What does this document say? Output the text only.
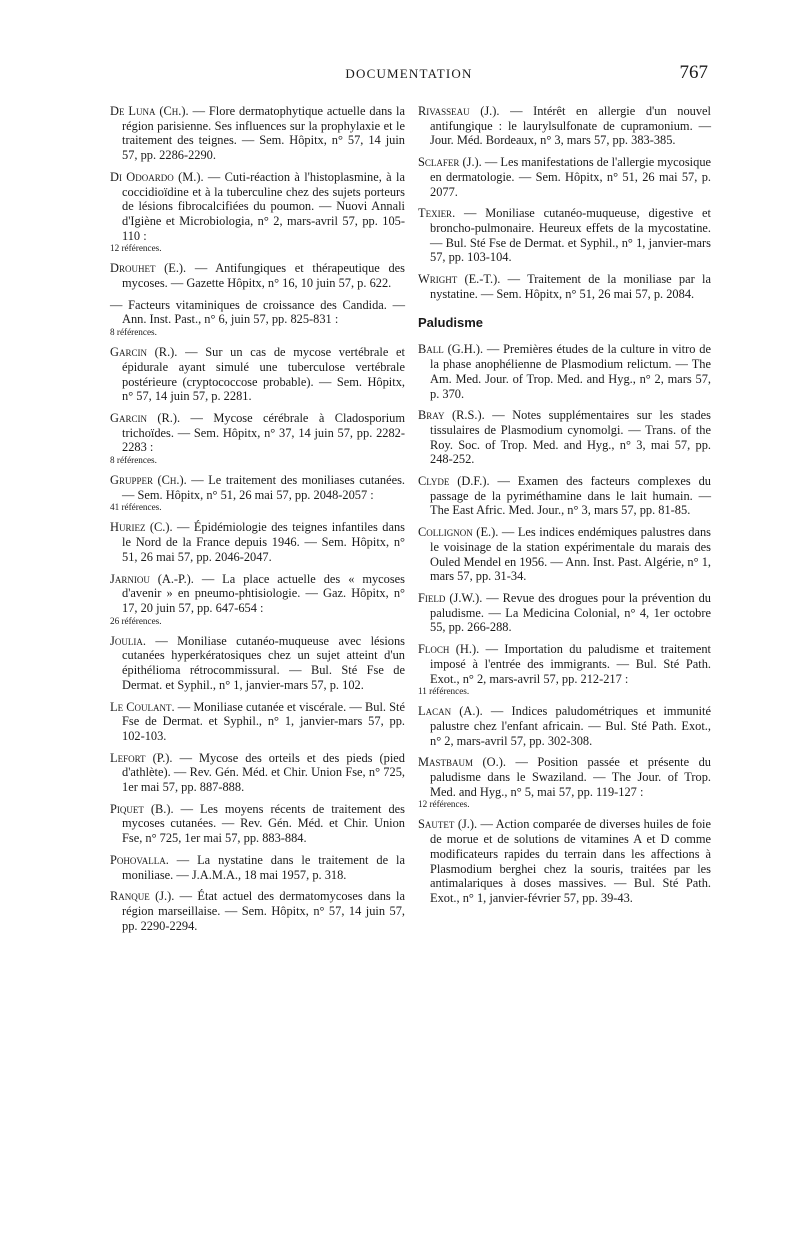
DOCUMENTATION	767

De Luna (Ch.). — Flore dermatophytique actuelle dans la région parisienne. Ses influences sur la prophylaxie et le traitement des teignes. — Sem. Hôpitx, n° 57, 14 juin 57, pp. 2286-2290.

Di Odoardo (M.). — Cuti-réaction à l'histoplasmine, à la coccidioïdine et à la tuberculine chez des sujets porteurs de lésions fibrocalcifiées du poumon. — Nuovi Annali d'Igiène et Microbiologia, n° 2, mars-avril 57, pp. 105-110 :
12 références.

Drouhet (E.). — Antifungiques et thérapeutique des mycoses. — Gazette Hôpitx, n° 16, 10 juin 57, p. 622.

— Facteurs vitaminiques de croissance des Candida. — Ann. Inst. Past., n° 6, juin 57, pp. 825-831 :
8 références.

Garcin (R.). — Sur un cas de mycose vertébrale et épidurale ayant simulé une tuberculose vertébrale postérieure (cryptococcose probable). — Sem. Hôpitx, n° 57, 14 juin 57, p. 2281.

Garcin (R.). — Mycose cérébrale à Cladosporium trichoïdes. — Sem. Hôpitx, n° 37, 14 juin 57, pp. 2282-2283 :
8 références.

Grupper (Ch.). — Le traitement des moniliases cutanées. — Sem. Hôpitx, n° 51, 26 mai 57, pp. 2048-2057 :
41 références.

Huriez (C.). — Épidémiologie des teignes infantiles dans le Nord de la France depuis 1946. — Sem. Hôpitx, n° 51, 26 mai 57, pp. 2046-2047.

Jarniou (A.-P.). — La place actuelle des « mycoses d'avenir » en pneumo-phtisiologie. — Gaz. Hôpitx, n° 17, 20 juin 57, pp. 647-654 :
26 références.

Joulia. — Moniliase cutanéo-muqueuse avec lésions cutanées hyperkératosiques chez un sujet atteint d'un épithélioma rétrocommissural. — Bul. Sté Fse de Dermat. et Syphil., n° 1, janvier-mars 57, p. 102.

Le Coulant. — Moniliase cutanée et viscérale. — Bul. Sté Fse de Dermat. et Syphil., n° 1, janvier-mars 57, pp. 102-103.

Lefort (P.). — Mycose des orteils et des pieds (pied d'athlète). — Rev. Gén. Méd. et Chir. Union Fse, n° 725, 1er mai 57, pp. 887-888.

Piquet (B.). — Les moyens récents de traitement des mycoses cutanées. — Rev. Gén. Méd. et Chir. Union Fse, n° 725, 1er mai 57, pp. 883-884.

Pohovalla. — La nystatine dans le traitement de la moniliase. — J.A.M.A., 18 mai 1957, p. 318.

Ranque (J.). — État actuel des dermatomycoses dans la région marseillaise. — Sem. Hôpitx, n° 57, 14 juin 57, pp. 2290-2294.

Rivasseau (J.). — Intérêt en allergie d'un nouvel antifungique : le laurylsulfonate de cupramonium. — Jour. Méd. Bordeaux, n° 3, mars 57, pp. 383-385.

Sclafer (J.). — Les manifestations de l'allergie mycosique en dermatologie. — Sem. Hôpitx, n° 51, 26 mai 57, p. 2077.

Texier. — Moniliase cutanéo-muqueuse, digestive et broncho-pulmonaire. Heureux effets de la mycostatine. — Bul. Sté Fse de Dermat. et Syphil., n° 1, janvier-mars 57, pp. 103-104.

Wright (E.-T.). — Traitement de la moniliase par la nystatine. — Sem. Hôpitx, n° 51, 26 mai 57, p. 2084.

Paludisme

Ball (G.H.). — Premières études de la culture in vitro de la phase anophélienne de Plasmodium relictum. — The Am. Med. Jour. of Trop. Med. and Hyg., n° 2, mars 57, p. 370.

Bray (R.S.). — Notes supplémentaires sur les stades tissulaires de Plasmodium cynomolgi. — Trans. of the Roy. Soc. of Trop. Med. and Hyg., n° 3, mai 57, pp. 248-252.

Clyde (D.F.). — Examen des facteurs complexes du passage de la pyriméthamine dans le lait humain. — The East Afric. Med. Jour., n° 3, mars 57, pp. 81-85.

Collignon (E.). — Les indices endémiques palustres dans le voisinage de la station expérimentale du marais des Ouled Mendel en 1956. — Ann. Inst. Past. Algérie, n° 1, mars 57, pp. 31-34.

Field (J.W.). — Revue des drogues pour la prévention du paludisme. — La Medicina Colonial, n° 4, 1er octobre 55, pp. 266-288.

Floch (H.). — Importation du paludisme et traitement imposé à l'entrée des immigrants. — Bul. Sté Path. Exot., n° 2, mars-avril 57, pp. 212-217 :
11 références.

Lacan (A.). — Indices paludométriques et immunité palustre chez l'enfant africain. — Bul. Sté Path. Exot., n° 2, mars-avril 57, pp. 302-308.

Mastbaum (O.). — Position passée et présente du paludisme dans le Swaziland. — The Jour. of Trop. Med. and Hyg., n° 5, mai 57, pp. 119-127 :
12 références.

Sautet (J.). — Action comparée de diverses huiles de foie de morue et de solutions de vitamines A et D comme modificateurs rapides du terrain dans les affections à Plasmodium berghei chez la souris, traitées par les antimalariques à doses massives. — Bul. Sté Path. Exot., n° 1, janvier-février 57, pp. 39-43.
